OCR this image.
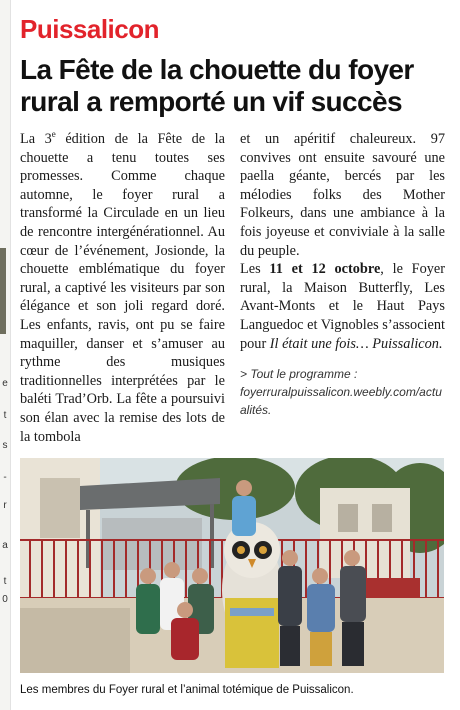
e
t
s
-
r
a
t
0
Puissalicon
La Fête de la chouette du foyer rural a remporté un vif succès

La 3e édition de la Fête de la chouette a tenu toutes ses promesses. Comme chaque automne, le foyer rural a transformé la Circulade en un lieu de rencontre intergénérationnel. Au cœur de l’événement, Josionde, la chouette emblématique du foyer rural, a captivé les visiteurs par son élégance et son joli regard doré. Les enfants, ravis, ont pu se faire maquiller, danser et s’amuser au rythme des musiques traditionnelles interprétées par le baléti Trad’Orb. La fête a poursuivi son élan avec la remise des lots de la tombola

et un apéritif chaleureux. 97 convives ont ensuite savouré une paella géante, bercés par les mélodies folks des Mother Folkeurs, dans une ambiance à la fois joyeuse et conviviale à la salle du peuple.

Les 11 et 12 octobre, le Foyer rural, la Maison Butterfly, Les Avant-Monts et le Haut Pays Languedoc et Vignobles s’associent pour Il était une fois… Puissalicon.

> Tout le programme :
foyerruralpuissalicon.weebly.com/actualités.
Les membres du Foyer rural et l’animal totémique de Puissalicon.
